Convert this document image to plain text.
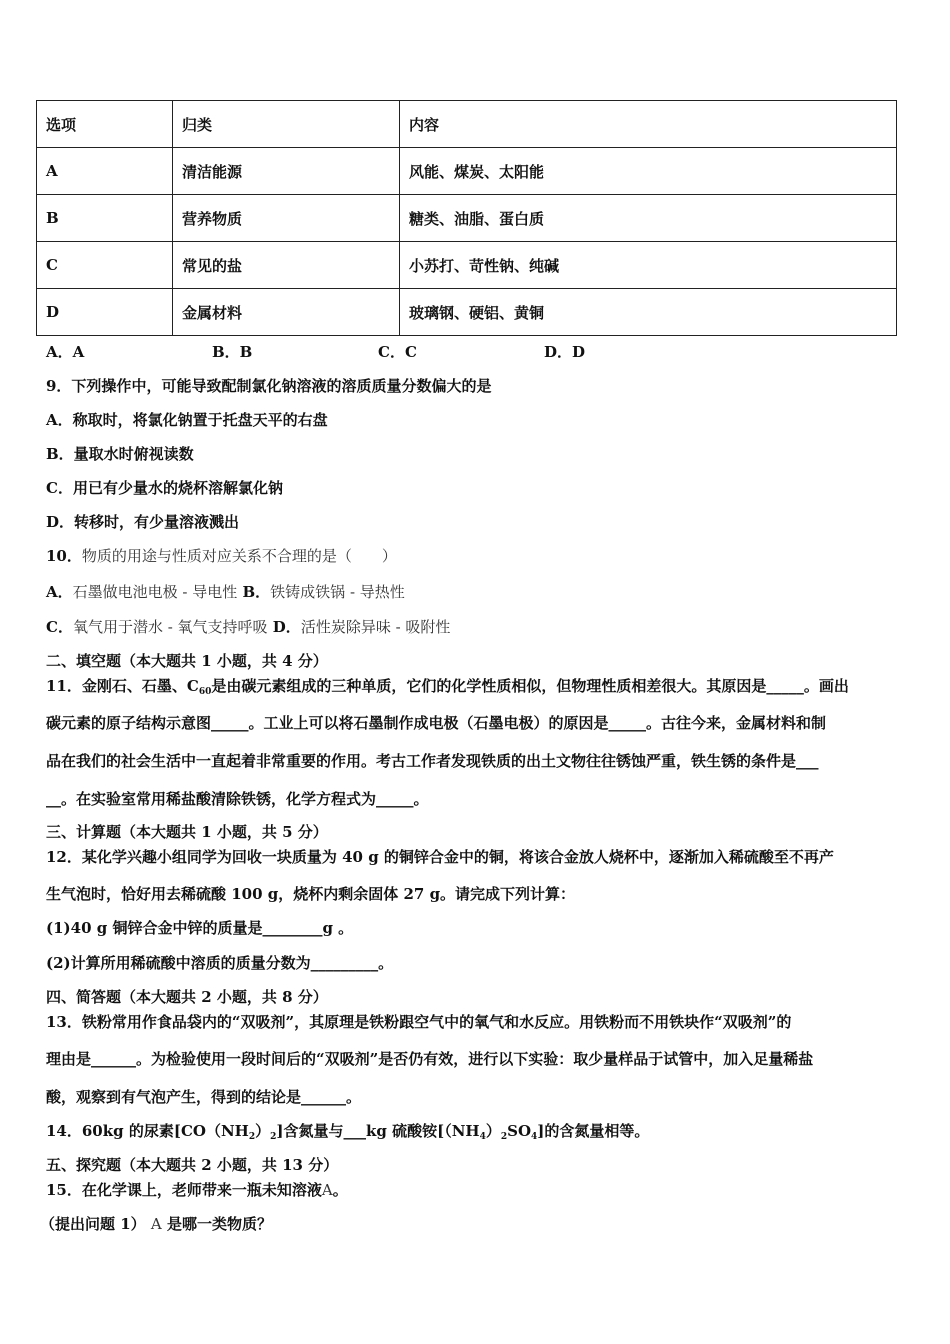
选项	归类	内容
A	清洁能源	风能、煤炭、太阳能
B	营养物质	糖类、油脂、蛋白质
C	常见的盐	小苏打、苛性钠、纯碱
D	金属材料	玻璃钢、硬铝、黄铜
A．A	B．B	C．C	D．D
9．下列操作中，可能导致配制氯化钠溶液的溶质质量分数偏大的是
A．称取时，将氯化钠置于托盘天平的右盘
B．量取水时俯视读数
C．用已有少量水的烧杯溶解氯化钠
D．转移时，有少量溶液溅出
10．物质的用途与性质对应关系不合理的是（　　）
A．石墨做电池电极 - 导电性 B．铁铸成铁锅 - 导热性
C．氧气用于潜水 - 氧气支持呼吸 D．活性炭除异味 - 吸附性
二、填空题（本大题共 1 小题，共 4 分）
11．金刚石、石墨、$C_{60}$是由碳元素组成的三种单质，它们的化学性质相似，但物理性质相差很大。其原因是_____。画出
碳元素的原子结构示意图_____。工业上可以将石墨制作成电极（石墨电极）的原因是_____。古往今来，金属材料和制
品在我们的社会生活中一直起着非常重要的作用。考古工作者发现铁质的出土文物往往锈蚀严重，铁生锈的条件是___
__。在实验室常用稀盐酸清除铁锈，化学方程式为_____。
三、计算题（本大题共 1 小题，共 5 分）
12．某化学兴趣小组同学为回收一块质量为 40 g 的铜锌合金中的铜，将该合金放人烧杯中，逐渐加入稀硫酸至不再产
生气泡时，恰好用去稀硫酸 100 g，烧杯内剩余固体 27 g。请完成下列计算：
(1)40 g 铜锌合金中锌的质量是________g 。
(2)计算所用稀硫酸中溶质的质量分数为_________。
四、简答题（本大题共 2 小题，共 8 分）
13．铁粉常用作食品袋内的“双吸剂”，其原理是铁粉跟空气中的氧气和水反应。用铁粉而不用铁块作“双吸剂”的
理由是______。为检验使用一段时间后的“双吸剂”是否仍有效，进行以下实验：取少量样品于试管中，加入足量稀盐
酸，观察到有气泡产生，得到的结论是______。
14．60kg 的尿素$[CO(NH_2)_2]$含氮量与___kg 硫酸铵$[(NH_4)_2SO_4]$的含氮量相等。
五、探究题（本大题共 2 小题，共 13 分）
15．在化学课上，老师带来一瓶未知溶液A。
（提出问题 1） A 是哪一类物质？
